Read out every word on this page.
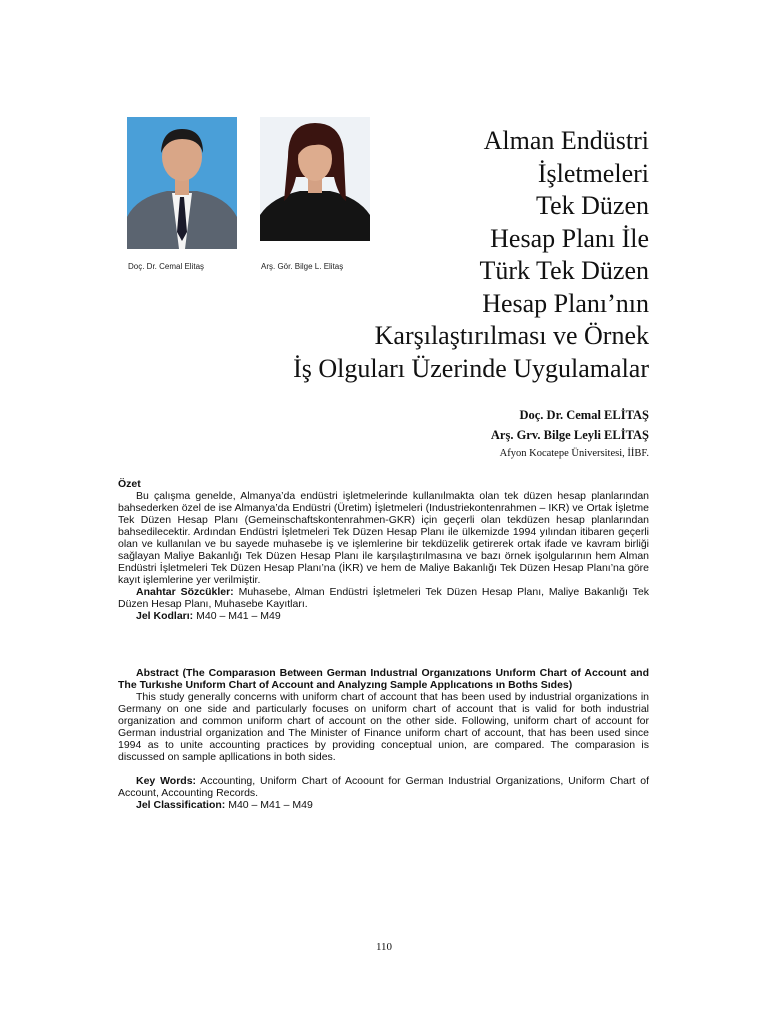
Doç. Dr. Cemal Elitaş	Arş. Gör. Bilge L. Elitaş
Alman Endüstri
İşletmeleri
Tek Düzen
Hesap Planı İle
Türk Tek Düzen
Hesap Planı’nın
Karşılaştırılması ve Örnek
İş Olguları Üzerinde Uygulamalar
Doç. Dr. Cemal ELİTAŞ
Arş. Grv. Bilge Leyli ELİTAŞ
Afyon Kocatepe Üniversitesi, İİBF.

Özet

Bu çalışma genelde, Almanya’da endüstri işletmelerinde kullanılmakta olan tek düzen hesap planlarından bahsederken özel de ise Almanya’da Endüstri (Üretim) İşletmeleri (Industriekontenrahmen – IKR) ve Ortak İşletme Tek Düzen Hesap Planı (Gemeinschaftskontenrahmen-GKR) için geçerli olan tekdüzen hesap planlarından bahsedilecektir. Ardından Endüstri İşletmeleri Tek Düzen Hesap Planı ile ülkemizde 1994 yılından itibaren geçerli olan ve kullanılan ve bu sayede muhasebe iş ve işlemlerine bir tekdüzelik getirerek ortak ifade ve kavram birliği sağlayan Maliye Bakanlığı Tek Düzen Hesap Planı ile karşılaştırılmasına ve bazı örnek işolgularının hem Alman Endüstri İşletmeleri Tek Düzen Hesap Planı’na (İKR) ve hem de Maliye Bakanlığı Tek Düzen Hesap Planı’na göre kayıt işlemlerine yer verilmiştir.

Anahtar Sözcükler: Muhasebe, Alman Endüstri İşletmeleri Tek Düzen Hesap Planı, Maliye Bakanlığı Tek Düzen Hesap Planı, Muhasebe Kayıtları.

Jel Kodları: M40 – M41 – M49

Abstract (The Comparasıon Between German Industrıal Organızatıons Unıform Chart of Account and The Turkıshe Unıform Chart of Account and Analyzıng Sample Applıcatıons ın Boths Sıdes)

This study generally concerns with uniform chart of account that has been used by industrial organizations in Germany on one side and particularly focuses on uniform chart of account that is valid for both industrial organization and common uniform chart of account on the other side. Following, uniform chart of account for German industrial organization and The Minister of Finance uniform chart of account, that has been used since 1994 as to unite accounting practices by providing conceptual union, are compared. The comparasion is discussed on sample apllications in both sides.

Key Words: Accounting, Uniform Chart of Acoount for German Industrial Organizations, Uniform Chart of Account, Accounting Records.

Jel Classification: M40 – M41 – M49

110
